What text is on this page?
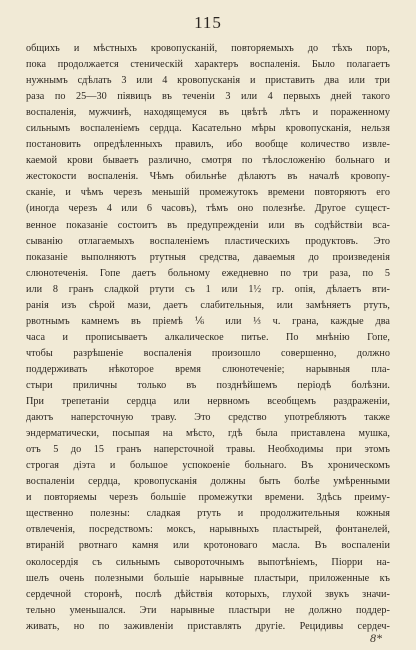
115
общихъ и мѣстныхъ кровопусканій, повторяемыхъ до тѣхъ поръ,
пока продолжается стеническій характеръ воспаленія. Было полагаетъ
нужнымъ сдѣлать 3 или 4 кровопусканія и приставить два или три
раза по 25—30 піявицъ въ теченіи 3 или 4 первыхъ дней такого
воспаленія, мужчинѣ, находящемуся въ цвѣтѣ лѣтъ и пораженному
сильнымъ воспаленіемъ сердца. Касательно мѣры кровопусканія, нельзя
постановить опредѣленныхъ правилъ, ибо вообще количество извле-
каемой крови бываетъ различно, смотря по тѣлосложенію больнаго и
жестокости воспаленія. Чѣмъ обильнѣе дѣлаютъ въ началѣ кровопу-
сканіе, и чѣмъ черезъ меньшій промежутокъ времени повторяютъ его
(иногда черезъ 4 или 6 часовъ), тѣмъ оно полезнѣе. Другое сущест-
венное показаніе состоитъ въ предупрежденіи или въ содѣйствіи вса-
сыванію отлагаемыхъ воспаленіемъ пластическихъ продуктовъ. Это
показаніе выполняютъ ртутныя средства, даваемыя до произведенія
слюнотеченія. Гопе даетъ больному ежедневно по три раза, по 5
или 8 гранъ сладкой ртути съ 1 или 1½ гр. опія, дѣлаетъ вти-
ранія изъ сѣрой мази, даетъ слабительныя, или замѣняетъ ртуть,
рвотнымъ камнемъ въ пріемѣ ⅙ или ⅓ ч. грана, каждые два
часа и прописываетъ алкалическое питье. По мнѣнію Гопе,
чтобы разрѣшеніе воспаленія произошло совершенно, должно
поддерживать нѣкоторое время слюнотеченіе; нарывныя пла-
стыри приличны только въ позднѣйшемъ періодѣ болѣзни.
При трепетаніи сердца или нервномъ всеобщемъ раздраженіи,
даютъ наперсточную траву. Это средство употребляютъ также
эндерматически, посыпая на мѣсто, гдѣ была приставлена мушка,
отъ 5 до 15 гранъ наперсточной травы. Необходимы при этомъ
строгая діэта и большое успокоеніе больнаго. Въ хроническомъ
воспаленіи сердца, кровопусканія должны быть болѣе умѣренными
и повторяемы черезъ большіе промежутки времени. Здѣсь преиму-
щественно полезны: сладкая ртуть и продолжительныя кожныя
отвлеченія, посредствомъ: моксъ, нарывныхъ пластырей, фонтанелей,
втираній рвотнаго камня или кротоноваго масла. Въ воспаленіи
околосердія съ сильнымъ сывороточнымъ выпотѣніемъ, Піорри на-
шелъ очень полезными большіе нарывные пластыри, приложенные къ
сердечной сторонѣ, послѣ дѣйствія которыхъ, глухой звукъ значи-
тельно уменьшался. Эти нарывные пластыри не должно поддер-
живать, но по заживленіи приставлять другіе. Рецидивы сердеч-
8*
